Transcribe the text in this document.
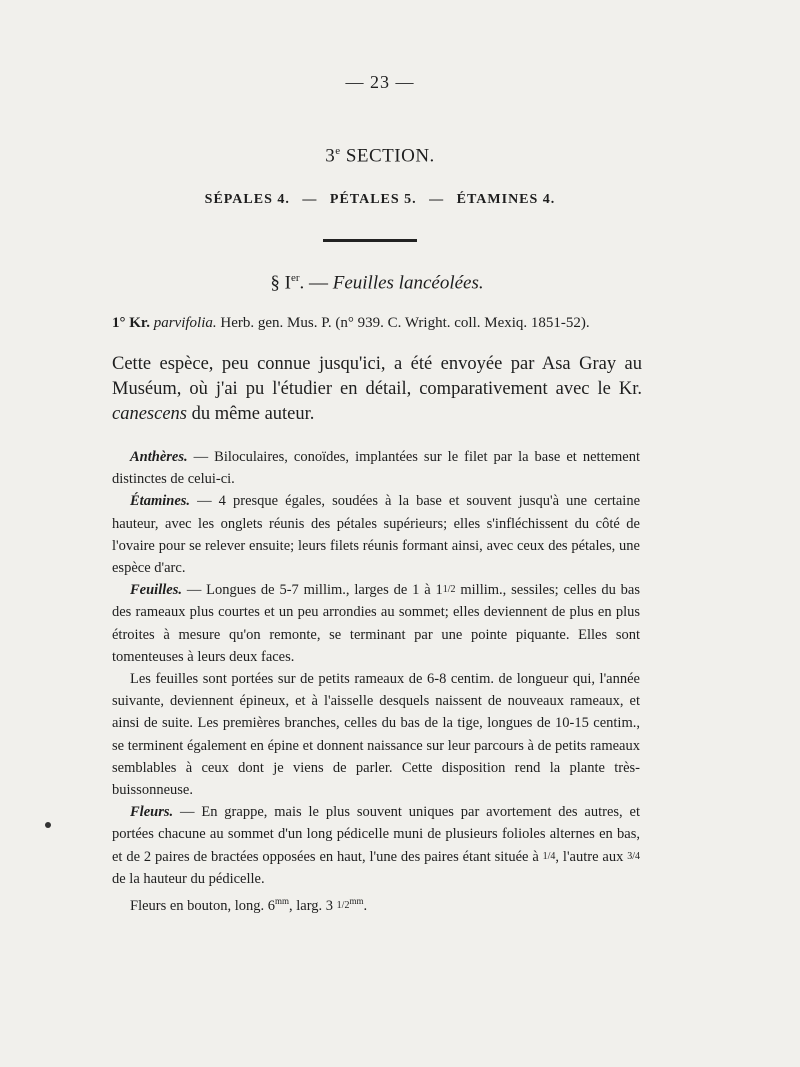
— 23 —
3e SECTION.
SÉPALES 4. — PÉTALES 5. — ÉTAMINES 4.
§ Ier. — Feuilles lancéolées.
1° Kr. parvifolia. Herb. gen. Mus. P. (n° 939. C. Wright. coll. Mexiq. 1851-52).
Cette espèce, peu connue jusqu'ici, a été envoyée par Asa Gray au Muséum, où j'ai pu l'étudier en détail, comparativement avec le Kr. canescens du même auteur.

Anthères. — Biloculaires, conoïdes, implantées sur le filet par la base et nettement distinctes de celui-ci.

Étamines. — 4 presque égales, soudées à la base et souvent jusqu'à une certaine hauteur, avec les onglets réunis des pétales supérieurs; elles s'infléchissent du côté de l'ovaire pour se relever ensuite; leurs filets réunis formant ainsi, avec ceux des pétales, une espèce d'arc.

Feuilles. — Longues de 5-7 millim., larges de 1 à 11/2 millim., sessiles; celles du bas des rameaux plus courtes et un peu arrondies au sommet; elles deviennent de plus en plus étroites à mesure qu'on remonte, se terminant par une pointe piquante. Elles sont tomenteuses à leurs deux faces.

Les feuilles sont portées sur de petits rameaux de 6-8 centim. de longueur qui, l'année suivante, deviennent épineux, et à l'aisselle desquels naissent de nouveaux rameaux, et ainsi de suite. Les premières branches, celles du bas de la tige, longues de 10-15 centim., se terminent également en épine et donnent naissance sur leur parcours à de petits rameaux semblables à ceux dont je viens de parler. Cette disposition rend la plante très-buissonneuse.

Fleurs. — En grappe, mais le plus souvent uniques par avortement des autres, et portées chacune au sommet d'un long pédicelle muni de plusieurs folioles alternes en bas, et de 2 paires de bractées opposées en haut, l'une des paires étant située à 1/4, l'autre aux 3/4 de la hauteur du pédicelle.

Fleurs en bouton, long. $6^{mm}$, larg. 3 $1/2^{mm}$.
